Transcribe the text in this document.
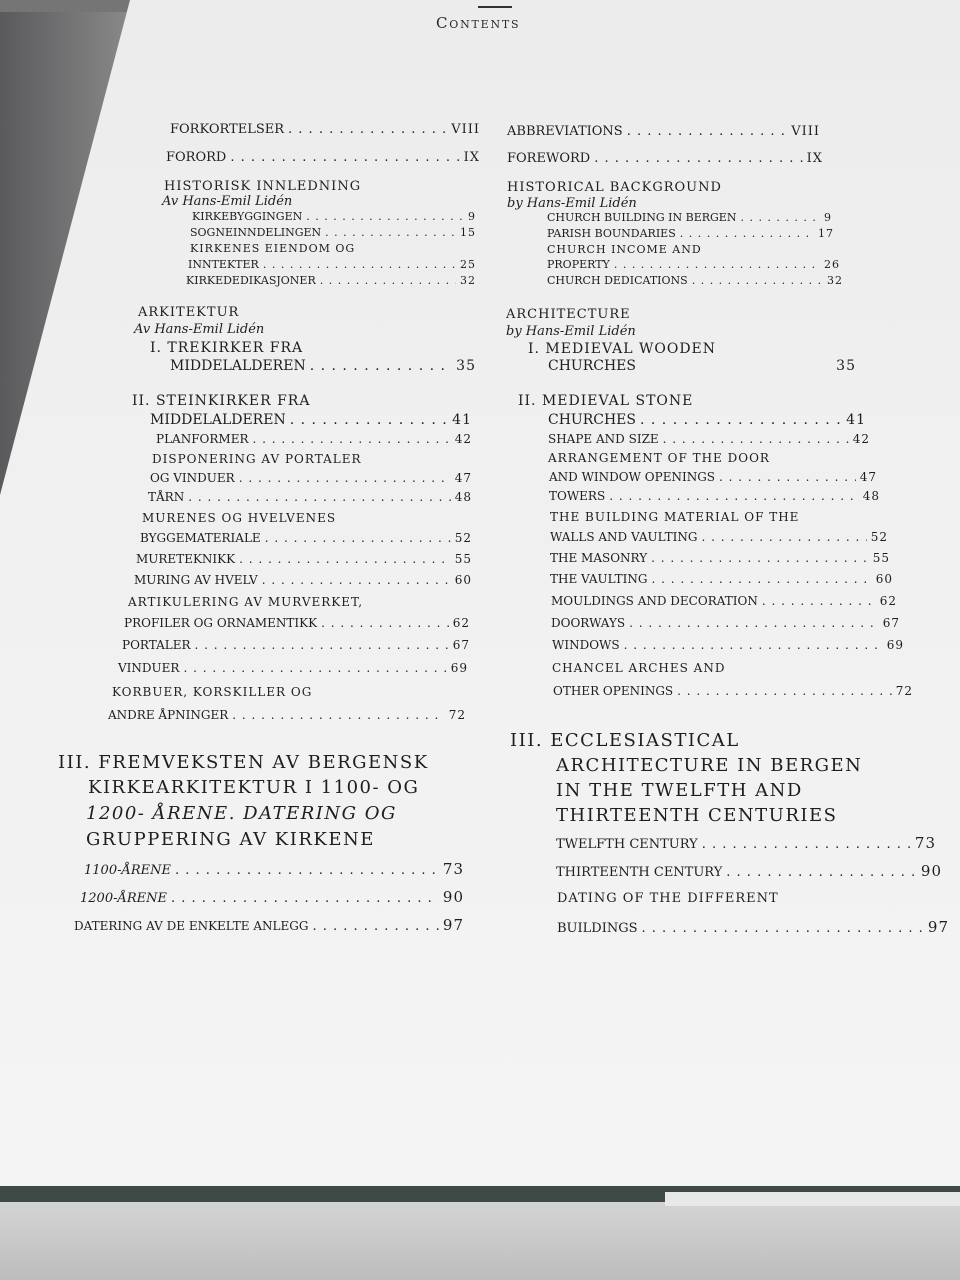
Contents
FORKORTELSER . . .	VIII
FORORD . . .	IX
HISTORISK INNLEDNING
Av Hans-Emil Lidén
KIRKEBYGGINGEN . . .	9
SOGNEINNDELINGEN . . .	15
KIRKENES EIENDOM OG
INNTEKTER . . .	25
KIRKEDEDIKASJONER . . .	32
ARKITEKTUR
Av Hans-Emil Lidén
I. TREKIRKER FRA
MIDDELALDEREN . . .	35
II. STEINKIRKER FRA
MIDDELALDEREN . . .	41
PLANFORMER . . .	42
DISPONERING AV PORTALER
OG VINDUER . . .	47
TÅRN . . .	48
MURENES OG HVELVENES
BYGGEMATERIALE . . .	52
MURETEKNIKK . . .	55
MURING AV HVELV . . .	60
ARTIKULERING AV MURVERKET,
PROFILER OG ORNAMENTIKK . . .	62
PORTALER . . .	67
VINDUER . . .	69
KORBUER, KORSKILLER OG
ANDRE ÅPNINGER . . .	72
III. FREMVEKSTEN AV BERGENSK
KIRKEARKITEKTUR I 1100- OG
1200- ÅRENE. DATERING OG
GRUPPERING AV KIRKENE
1100-ÅRENE . . .	73
1200-ÅRENE . . .	90
DATERING AV DE ENKELTE ANLEGG . . .	97
ABBREVIATIONS . . .	VIII
FOREWORD . . .	IX
HISTORICAL BACKGROUND
by Hans-Emil Lidén
CHURCH BUILDING IN BERGEN . . .	9
PARISH BOUNDARIES . . .	17
CHURCH INCOME AND
PROPERTY . . .	26
CHURCH DEDICATIONS . . .	32
ARCHITECTURE
by Hans-Emil Lidén
I. MEDIEVAL WOODEN
CHURCHES	35
II. MEDIEVAL STONE
CHURCHES . . .	41
SHAPE AND SIZE . . .	42
ARRANGEMENT OF THE DOOR
AND WINDOW OPENINGS . . .	47
TOWERS . . .	48
THE BUILDING MATERIAL OF THE
WALLS AND VAULTING . . .	52
THE MASONRY . . .	55
THE VAULTING . . .	60
MOULDINGS AND DECORATION . . .	62
DOORWAYS . . .	67
WINDOWS . . .	69
CHANCEL ARCHES AND
OTHER OPENINGS . . .	72
III. ECCLESIASTICAL
ARCHITECTURE IN BERGEN
IN THE TWELFTH AND
THIRTEENTH CENTURIES
TWELFTH CENTURY . . .	73
THIRTEENTH CENTURY . . .	90
DATING OF THE DIFFERENT
BUILDINGS . . .	97
